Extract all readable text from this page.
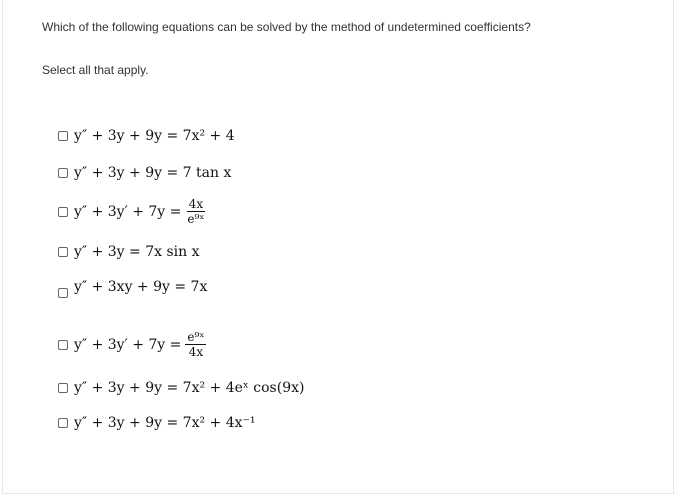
Which of the following equations can be solved by the method of undetermined coefficients?
Select all that apply.
y″ + 3y + 9y = 7x² + 4
y″ + 3y + 9y = 7 tan x
$y'' + 3y' + 7y = \frac{4x}{\text{e⁹ˣ}}$
y″ + 3y = 7x sin x
y″ + 3xy + 9y = 7x
$y'' + 3y' + 7y = \frac{\text{e⁹ˣ}}{4x}$
y″ + 3y + 9y = 7x² + 4eˣ cos(9x)
y″ + 3y + 9y = 7x² + 4x⁻¹
